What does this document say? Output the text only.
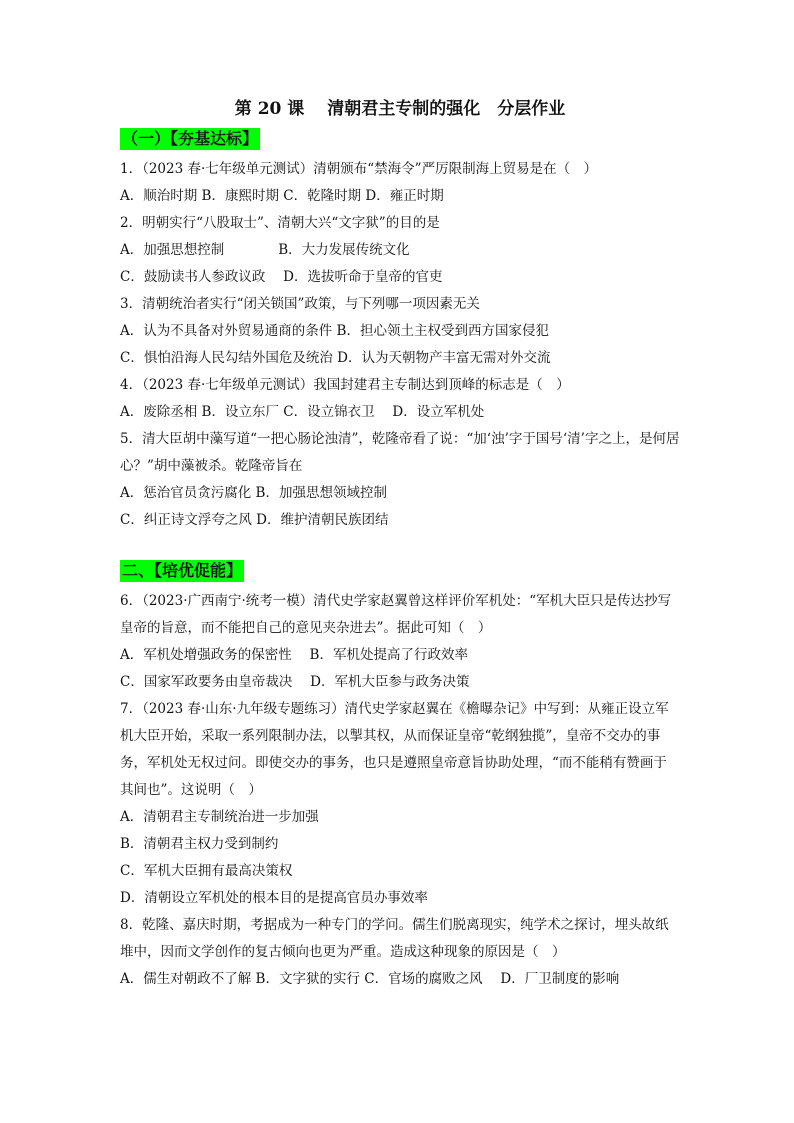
第 20 课　 清朝君主专制的强化　分层作业
（一）【夯基达标】
1．（2023 春·七年级单元测试）清朝颁布“禁海令”严厉限制海上贸易是在（　）
A．顺治时期 B．康熙时期 C．乾隆时期 D．雍正时期
2．明朝实行“八股取士”、清朝大兴“文字狱”的目的是
A．加强思想控制　　　　B．大力发展传统文化
C．鼓励读书人参政议政　 D．选拔听命于皇帝的官吏
3．清朝统治者实行“闭关锁国”政策，与下列哪一项因素无关
A．认为不具备对外贸易通商的条件 B．担心领土主权受到西方国家侵犯
C．惧怕沿海人民勾结外国危及统治 D．认为天朝物产丰富无需对外交流
4．（2023 春·七年级单元测试）我国封建君主专制达到顶峰的标志是（　）
A．废除丞相 B．设立东厂 C．设立锦衣卫　 D．设立军机处
5．清大臣胡中藻写道“一把心肠论浊清”，乾隆帝看了说：“加‘浊’字于国号‘清’字之上，是何居心？”胡中藻被杀。乾隆帝旨在
A．惩治官员贪污腐化 B．加强思想领域控制
C．纠正诗文浮夸之风 D．维护清朝民族团结
二、【培优促能】
6．（2023·广西南宁·统考一模）清代史学家赵翼曾这样评价军机处：“军机大臣只是传达抄写皇帝的旨意，而不能把自己的意见夹杂进去”。据此可知（　）
A．军机处增强政务的保密性　 B．军机处提高了行政效率
C．国家军政要务由皇帝裁决　 D．军机大臣参与政务决策
7．（2023 春·山东·九年级专题练习）清代史学家赵翼在《檐曝杂记》中写到：从雍正设立军机大臣开始，采取一系列限制办法，以掣其权，从而保证皇帝“乾纲独揽”，皇帝不交办的事务，军机处无权过问。即使交办的事务，也只是遵照皇帝意旨协助处理，“而不能稍有赞画于其间也”。这说明（　）
A．清朝君主专制统治进一步加强
B．清朝君主权力受到制约
C．军机大臣拥有最高决策权
D．清朝设立军机处的根本目的是提高官员办事效率
8．乾隆、嘉庆时期，考据成为一种专门的学问。儒生们脱离现实，纯学术之探讨，埋头故纸堆中，因而文学创作的复古倾向也更为严重。造成这种现象的原因是（　）
A．儒生对朝政不了解 B．文字狱的实行 C．官场的腐败之风　 D．厂卫制度的影响
